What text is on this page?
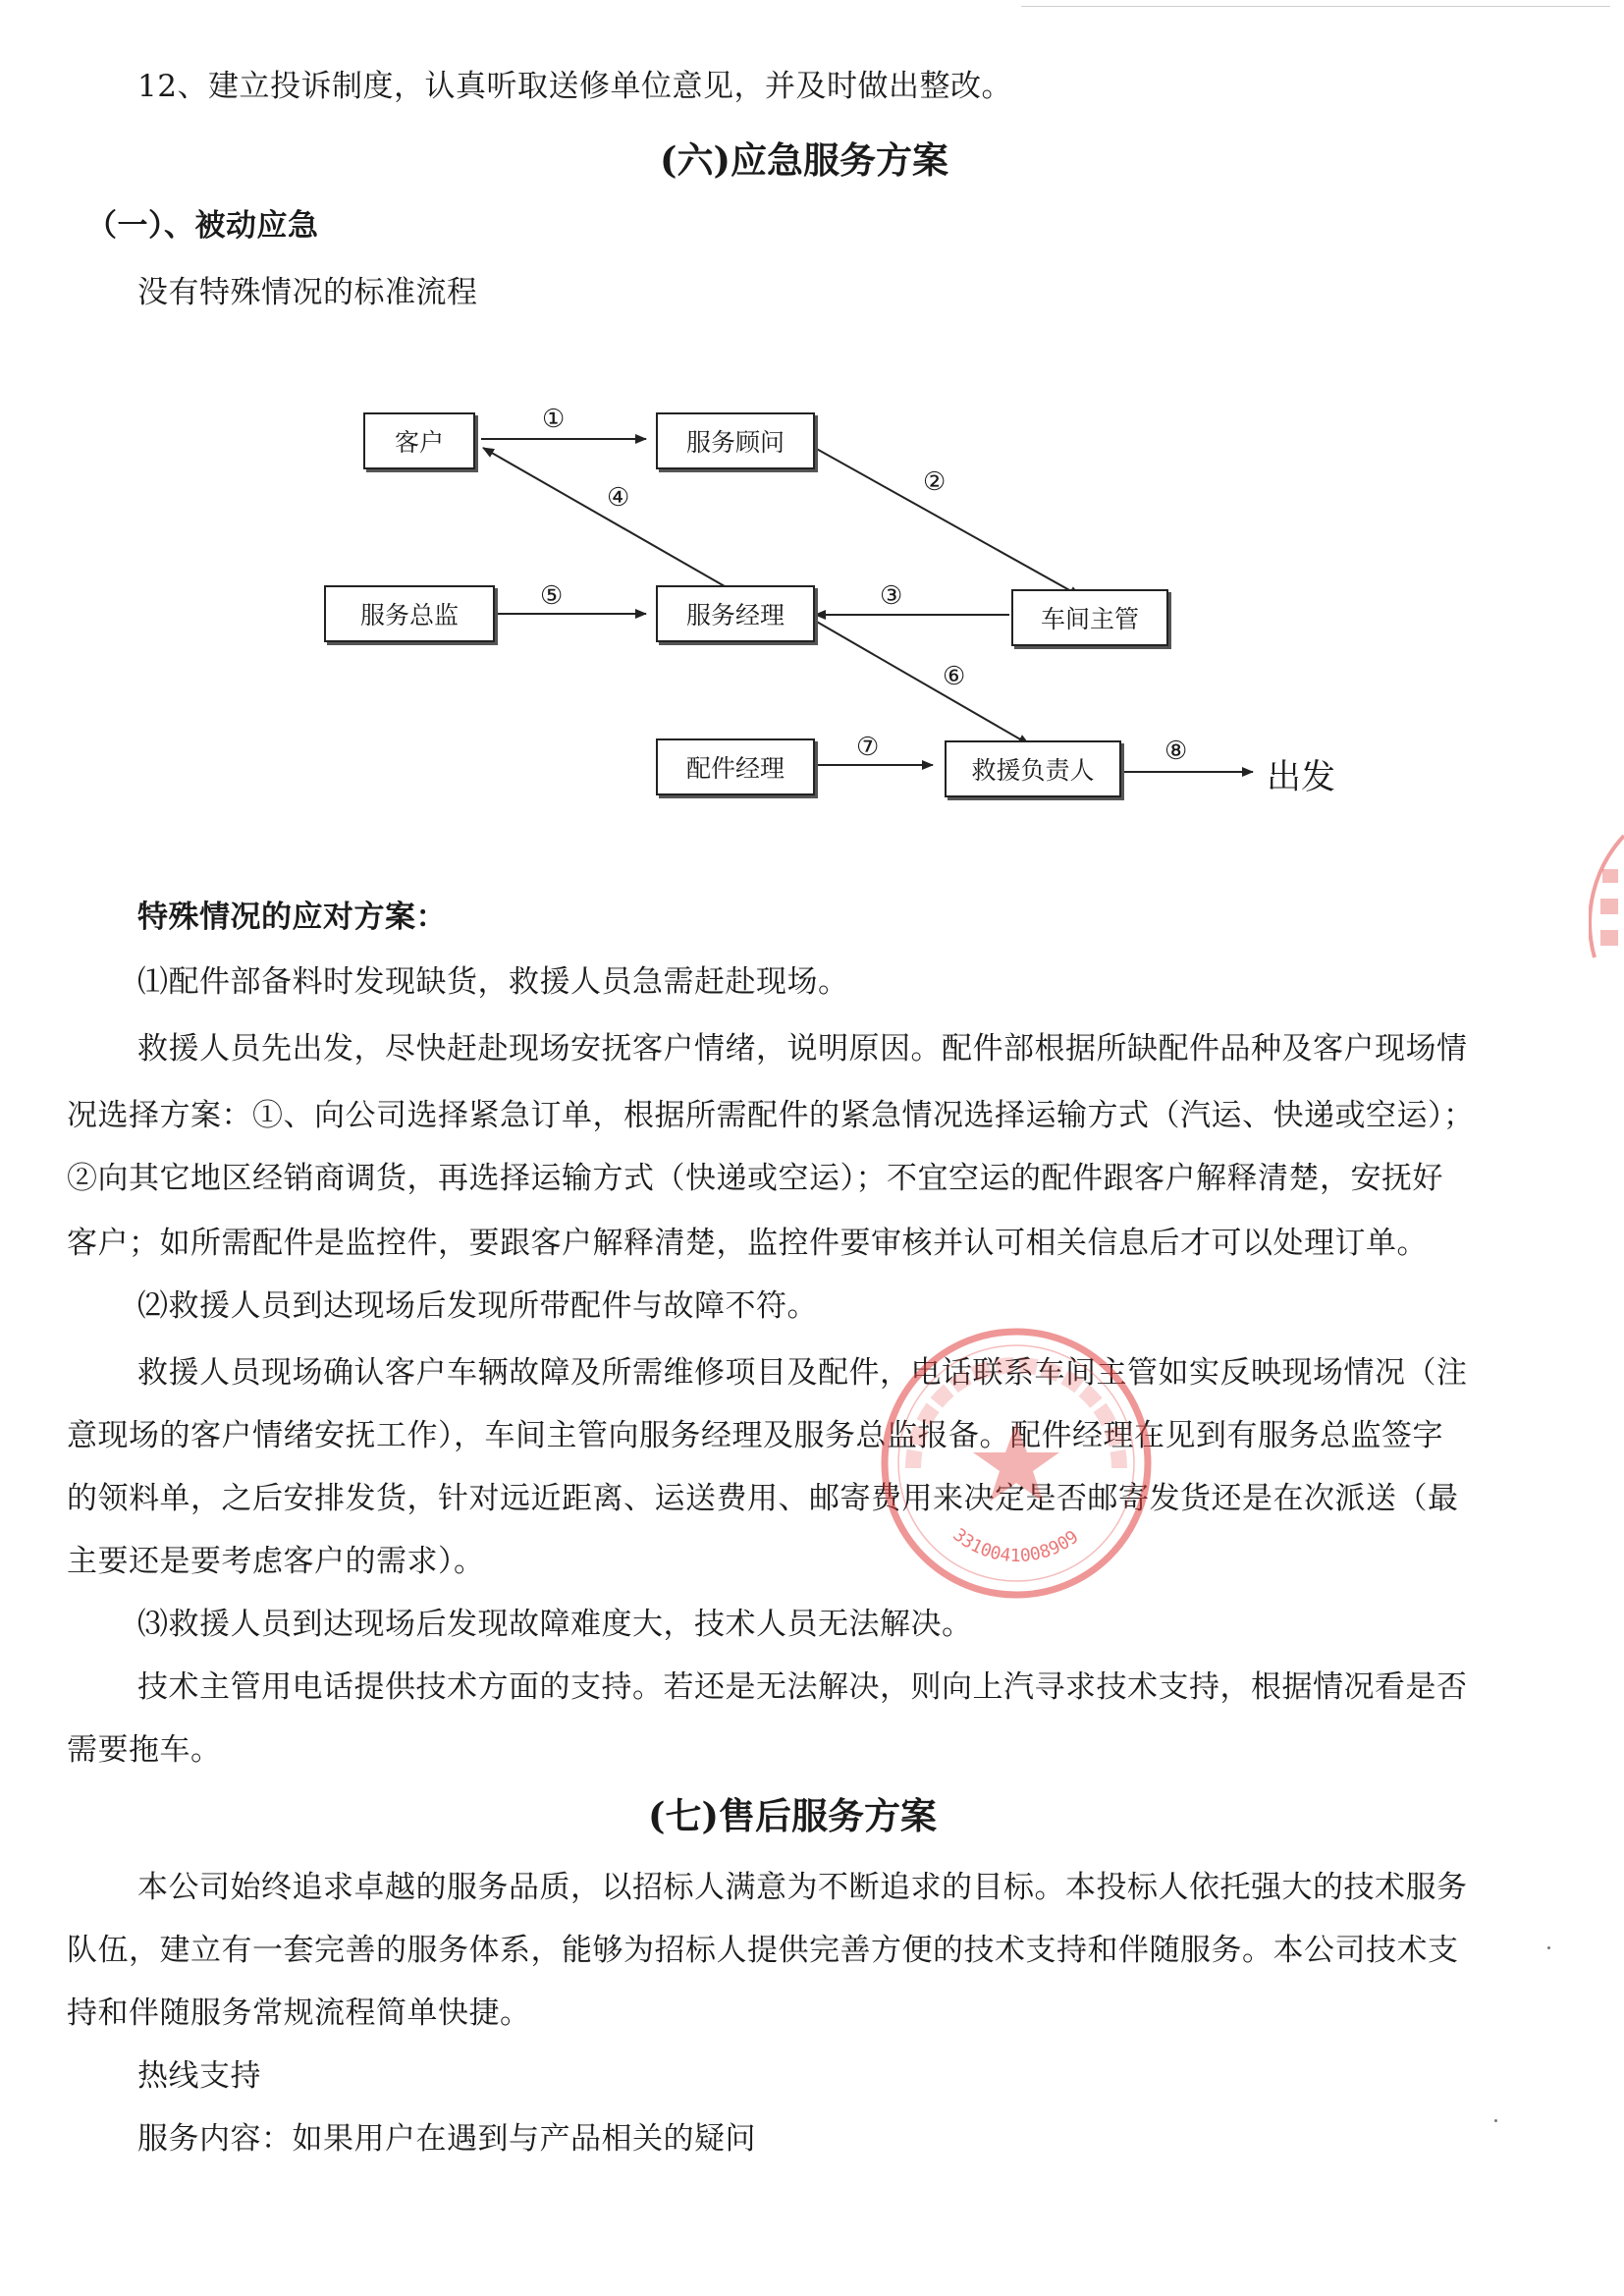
12、建立投诉制度，认真听取送修单位意见，并及时做出整改。
(六)应急服务方案
（一）、被动应急
没有特殊情况的标准流程
客户	服务顾问
服务总监	服务经理	车间主管
配件经理	救援负责人
①
②
③
④
⑤
⑥
⑦	⑧
出发
特殊情况的应对方案：
⑴配件部备料时发现缺货，救援人员急需赶赴现场。
救援人员先出发，尽快赶赴现场安抚客户情绪，说明原因。配件部根据所缺配件品种及客户现场情
况选择方案：①、向公司选择紧急订单，根据所需配件的紧急情况选择运输方式（汽运、快递或空运）；
②向其它地区经销商调货，再选择运输方式（快递或空运）；不宜空运的配件跟客户解释清楚，安抚好
客户；如所需配件是监控件，要跟客户解释清楚，监控件要审核并认可相关信息后才可以处理订单。
⑵救援人员到达现场后发现所带配件与故障不符。
救援人员现场确认客户车辆故障及所需维修项目及配件，电话联系车间主管如实反映现场情况（注
意现场的客户情绪安抚工作），车间主管向服务经理及服务总监报备。配件经理在见到有服务总监签字
的领料单，之后安排发货，针对远近距离、运送费用、邮寄费用来决定是否邮寄发货还是在次派送（最
主要还是要考虑客户的需求）。
⑶救援人员到达现场后发现故障难度大，技术人员无法解决。
技术主管用电话提供技术方面的支持。若还是无法解决，则向上汽寻求技术支持，根据情况看是否
需要拖车。
(七)售后服务方案
本公司始终追求卓越的服务品质，以招标人满意为不断追求的目标。本投标人依托强大的技术服务
队伍，建立有一套完善的服务体系，能够为招标人提供完善方便的技术支持和伴随服务。本公司技术支
持和伴随服务常规流程简单快捷。
热线支持
服务内容：如果用户在遇到与产品相关的疑问
3310041008909
